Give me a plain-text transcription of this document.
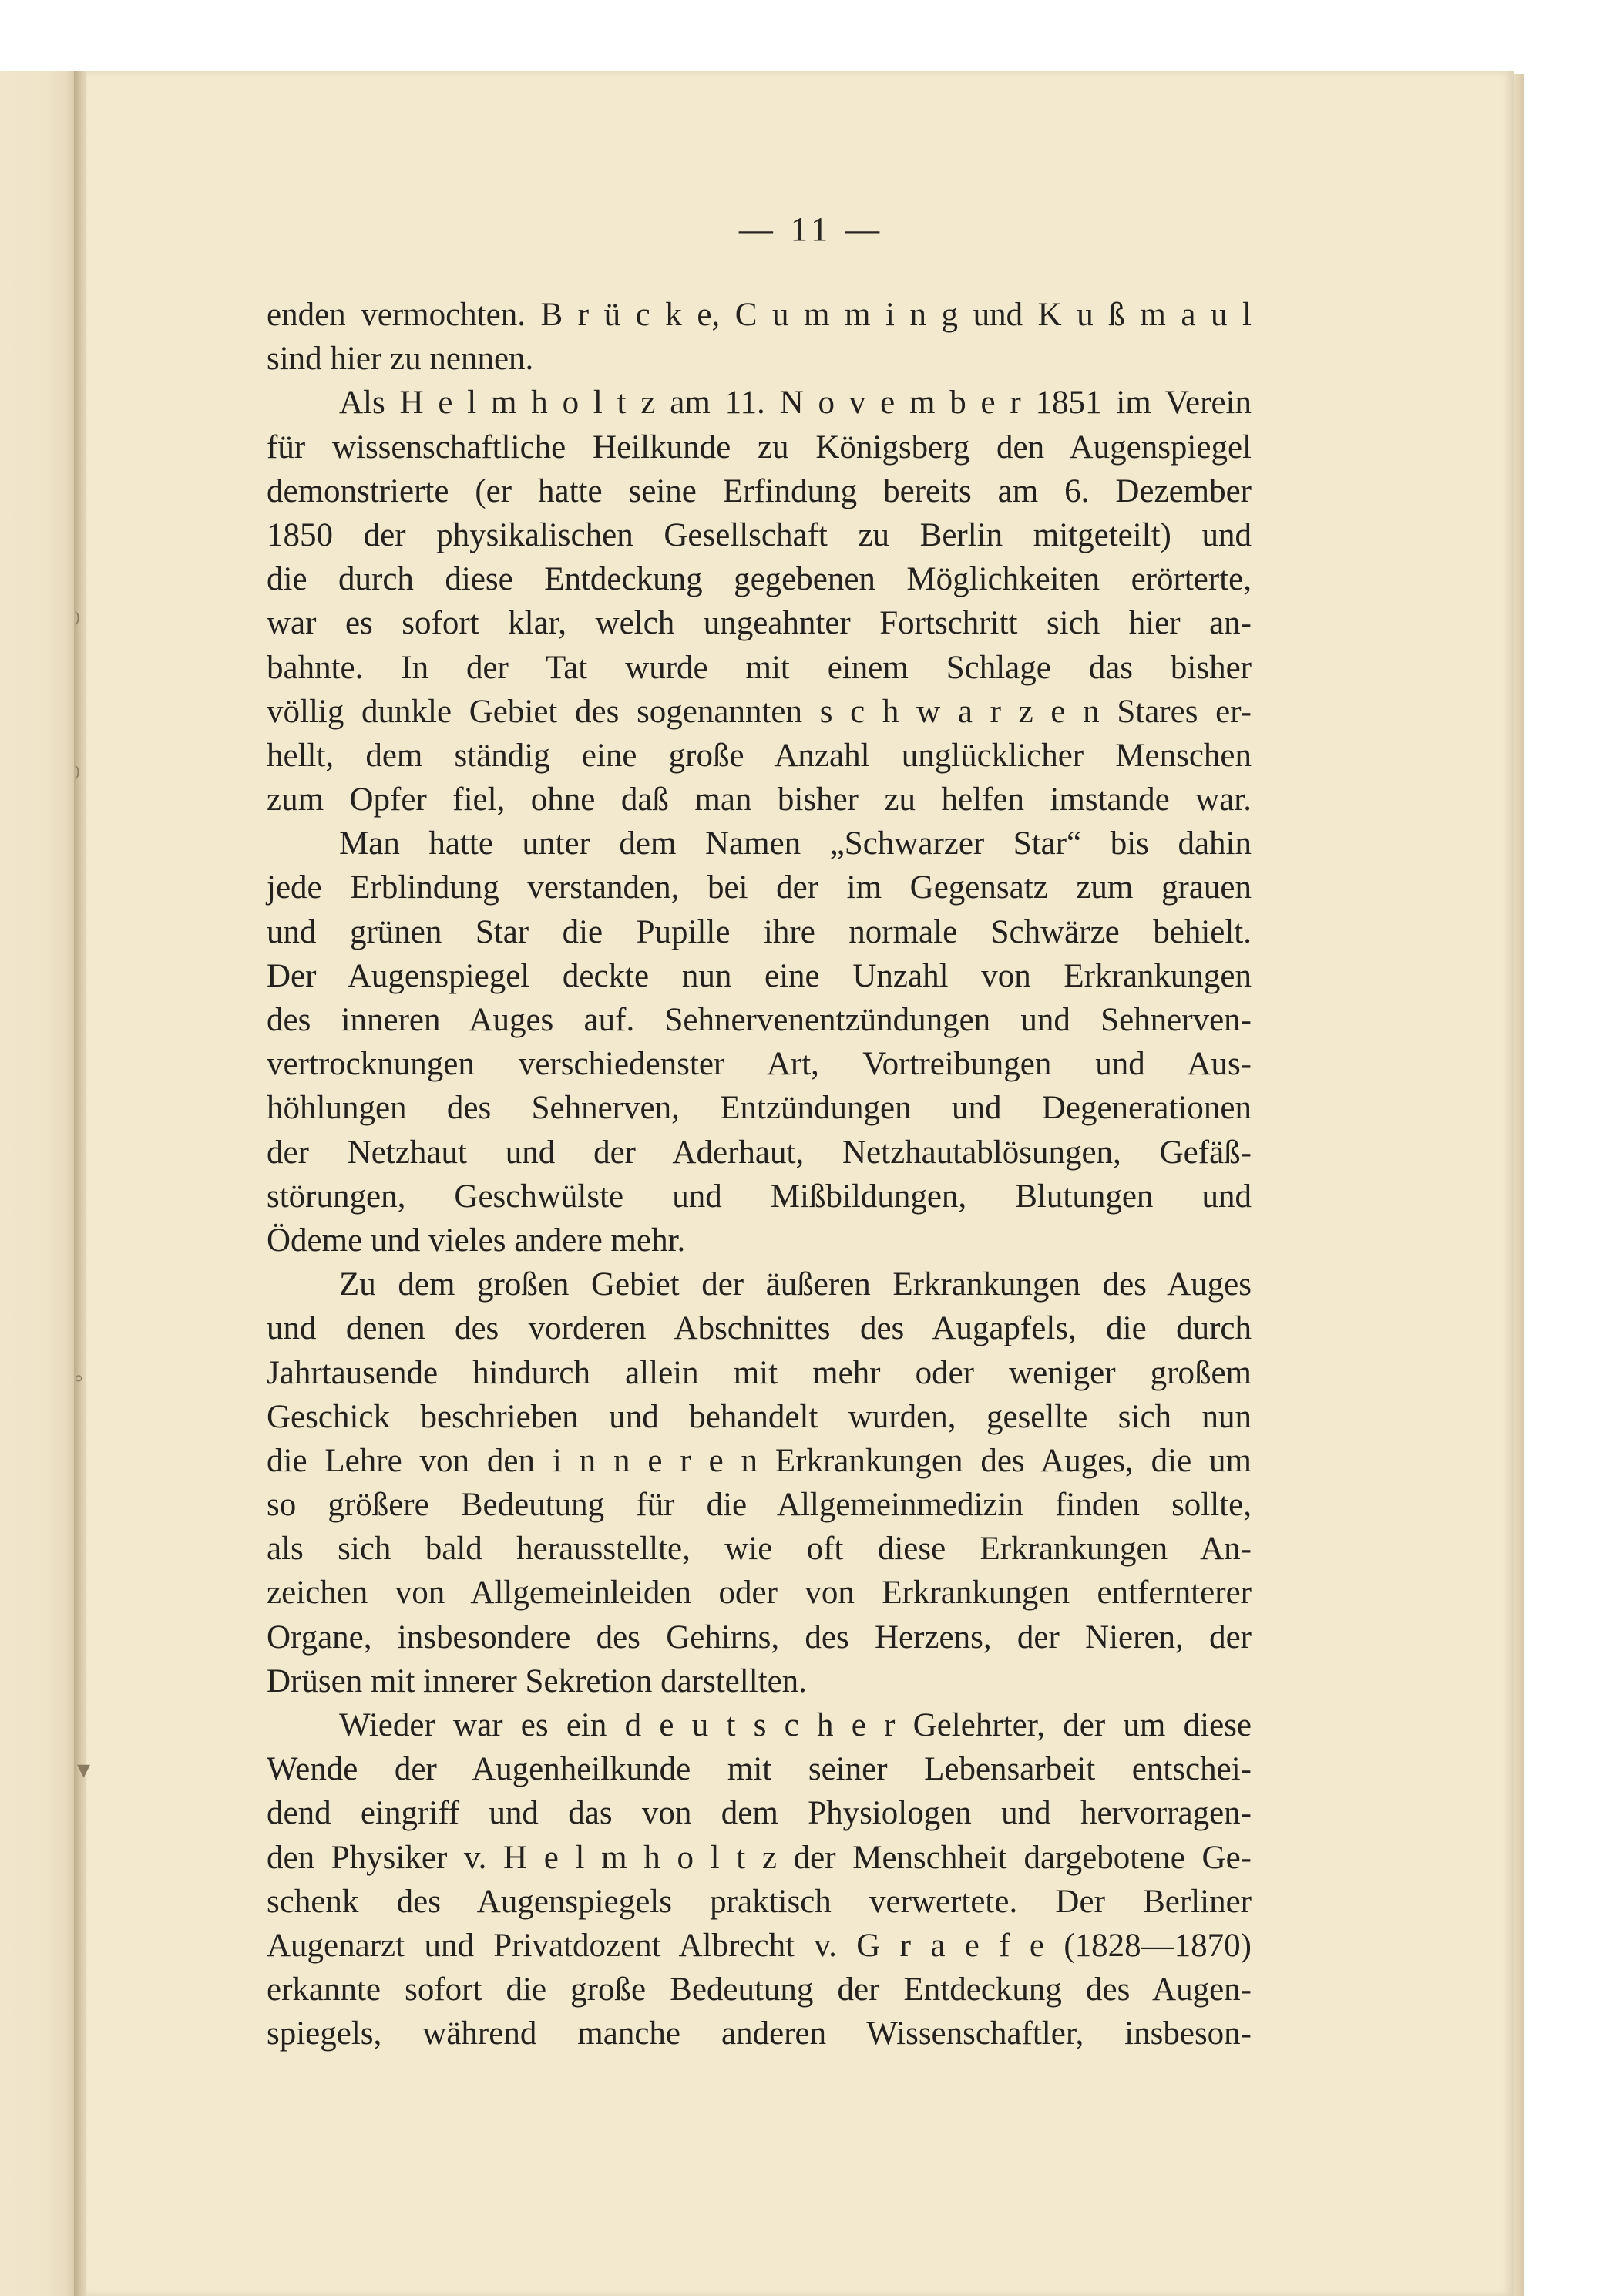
⁾
⁾
◦
▾
— 11 —
enden vermochten. B r ü c k e, C u m m i n g und K u ß m a u l
sind hier zu nennen.
Als H e l m h o l t z am 11. N o v e m b e r 1851 im Verein
für wissenschaftliche Heilkunde zu Königsberg den Augenspiegel
demonstrierte (er hatte seine Erfindung bereits am 6. Dezember
1850 der physikalischen Gesellschaft zu Berlin mitgeteilt) und
die durch diese Entdeckung gegebenen Möglichkeiten erörterte,
war es sofort klar, welch ungeahnter Fortschritt sich hier an-
bahnte. In der Tat wurde mit einem Schlage das bisher
völlig dunkle Gebiet des sogenannten s c h w a r z e n Stares er-
hellt, dem ständig eine große Anzahl unglücklicher Menschen
zum Opfer fiel, ohne daß man bisher zu helfen imstande war.
Man hatte unter dem Namen „Schwarzer Star“ bis dahin
jede Erblindung verstanden, bei der im Gegensatz zum grauen
und grünen Star die Pupille ihre normale Schwärze behielt.
Der Augenspiegel deckte nun eine Unzahl von Erkrankungen
des inneren Auges auf. Sehnervenentzündungen und Sehnerven-
vertrocknungen verschiedenster Art, Vortreibungen und Aus-
höhlungen des Sehnerven, Entzündungen und Degenerationen
der Netzhaut und der Aderhaut, Netzhautablösungen, Gefäß-
störungen, Geschwülste und Mißbildungen, Blutungen und
Ödeme und vieles andere mehr.
Zu dem großen Gebiet der äußeren Erkrankungen des Auges
und denen des vorderen Abschnittes des Augapfels, die durch
Jahrtausende hindurch allein mit mehr oder weniger großem
Geschick beschrieben und behandelt wurden, gesellte sich nun
die Lehre von den i n n e r e n Erkrankungen des Auges, die um
so größere Bedeutung für die Allgemeinmedizin finden sollte,
als sich bald herausstellte, wie oft diese Erkrankungen An-
zeichen von Allgemeinleiden oder von Erkrankungen entfernterer
Organe, insbesondere des Gehirns, des Herzens, der Nieren, der
Drüsen mit innerer Sekretion darstellten.
Wieder war es ein d e u t s c h e r Gelehrter, der um diese
Wende der Augenheilkunde mit seiner Lebensarbeit entschei-
dend eingriff und das von dem Physiologen und hervorragen-
den Physiker v. H e l m h o l t z der Menschheit dargebotene Ge-
schenk des Augenspiegels praktisch verwertete. Der Berliner
Augenarzt und Privatdozent Albrecht v. G r a e f e (1828—1870)
erkannte sofort die große Bedeutung der Entdeckung des Augen-
spiegels, während manche anderen Wissenschaftler, insbeson-
